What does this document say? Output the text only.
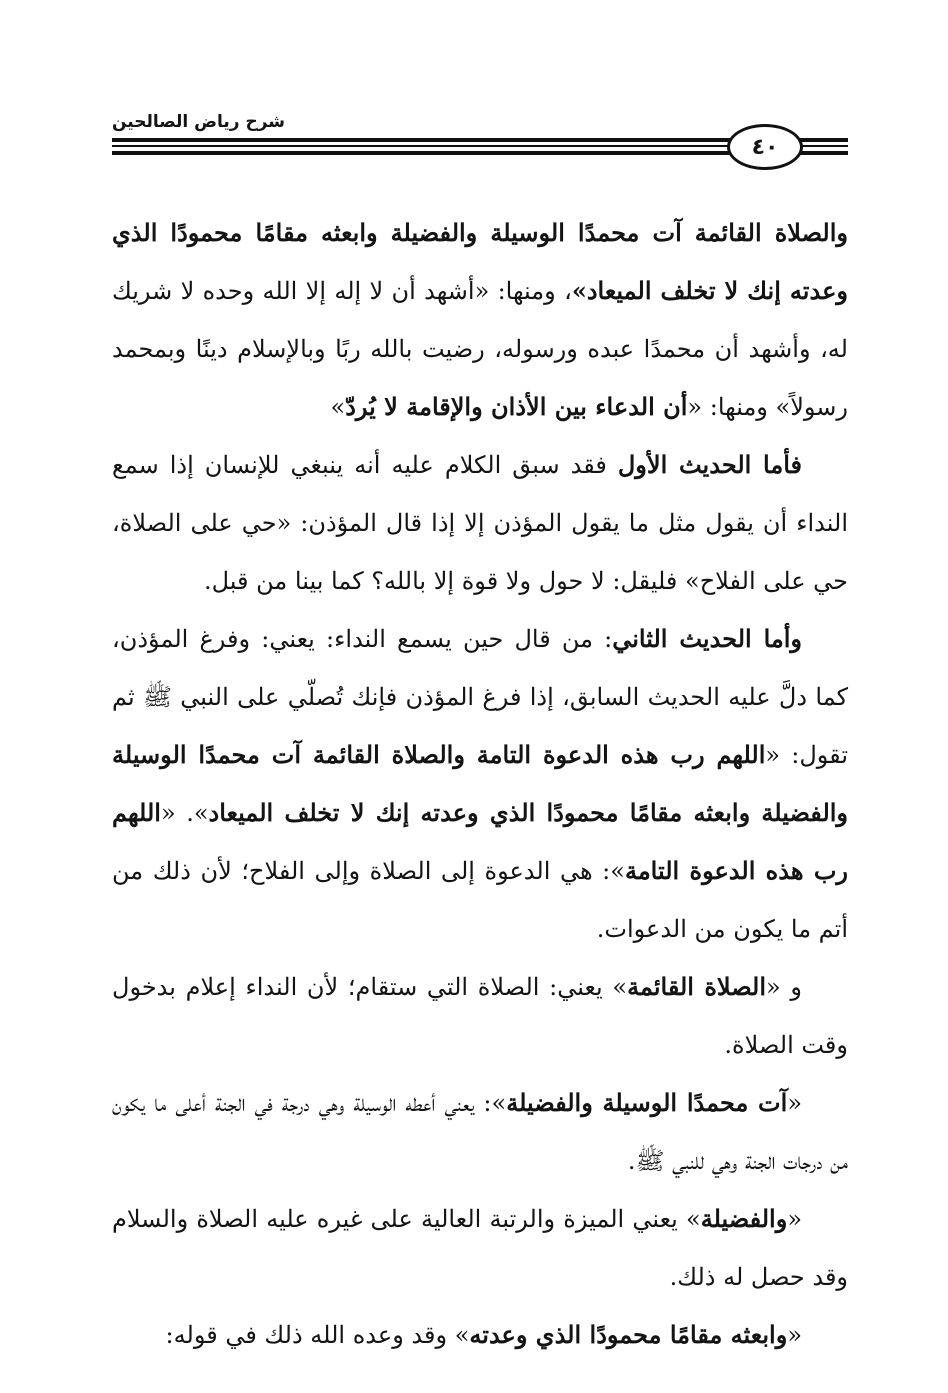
شرح رياض الصالحين
٤٠

والصلاة القائمة آت محمدًا الوسيلة والفضيلة وابعثه مقامًا محمودًا الذي وعدته إنك لا تخلف الميعاد»، ومنها: «أشهد أن لا إله إلا الله وحده لا شريك له، وأشهد أن محمدًا عبده ورسوله، رضيت بالله ربًا وبالإسلام دينًا وبمحمد رسولاً» ومنها: «أن الدعاء بين الأذان والإقامة لا يُردّ»

فأما الحديث الأول فقد سبق الكلام عليه أنه ينبغي للإنسان إذا سمع النداء أن يقول مثل ما يقول المؤذن إلا إذا قال المؤذن: «حي على الصلاة، حي على الفلاح» فليقل: لا حول ولا قوة إلا بالله؟ كما بينا من قبل.

وأما الحديث الثاني: من قال حين يسمع النداء: يعني: وفرغ المؤذن، كما دلَّ عليه الحديث السابق، إذا فرغ المؤذن فإنك تُصلّي على النبي ﷺ ثم تقول: «اللهم رب هذه الدعوة التامة والصلاة القائمة آت محمدًا الوسيلة والفضيلة وابعثه مقامًا محمودًا الذي وعدته إنك لا تخلف الميعاد». «اللهم رب هذه الدعوة التامة»: هي الدعوة إلى الصلاة وإلى الفلاح؛ لأن ذلك من أتم ما يكون من الدعوات.

و «الصلاة القائمة» يعني: الصلاة التي ستقام؛ لأن النداء إعلام بدخول وقت الصلاة.

«آت محمدًا الوسيلة والفضيلة»: يعني أعطه الوسيلة وهي درجة في الجنة أعلى ما يكون من درجات الجنة وهي للنبي ﷺ.

«والفضيلة» يعني الميزة والرتبة العالية على غيره عليه الصلاة والسلام وقد حصل له ذلك.

«وابعثه مقامًا محمودًا الذي وعدته» وقد وعده الله ذلك في قوله:
